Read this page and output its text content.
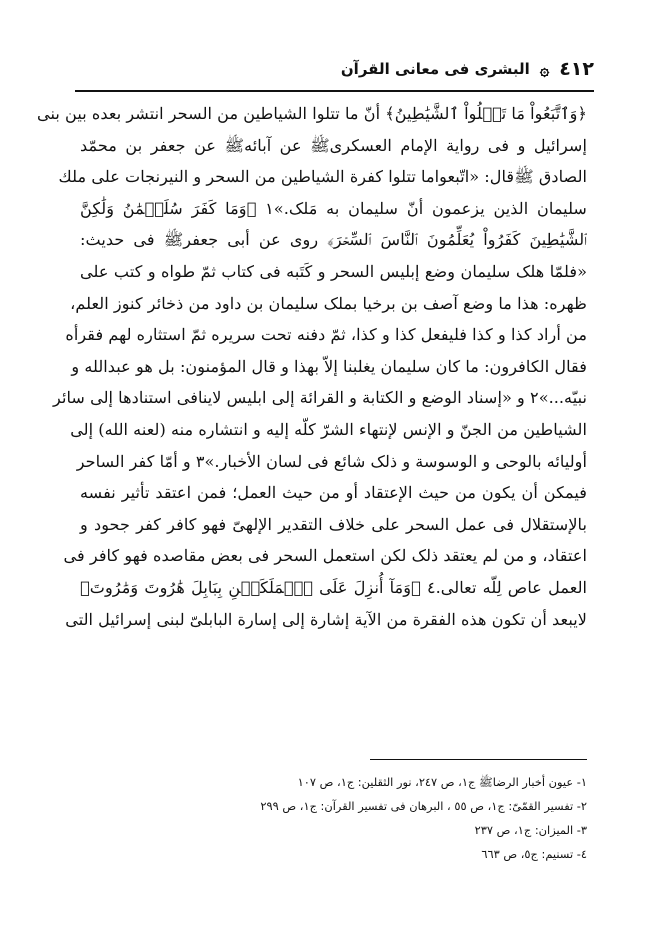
٤١٢
۞
البشری فی معانی القرآن
﴿وَٱتَّبَعُواْ مَا تَتۡلُواْ ٱلشَّيَٰطِينُ﴾ أنّ ما تتلوا الشياطين من السحر انتشر بعده بين بنی
إسرائيل و فی رواية الإمام العسكریﷺ عن آبائهﷺ عن جعفر بن محمّد
الصادق ﷺقال: «اتّبعواما تتلوا كفرة الشياطين من السحر و النيرنجات علی ملك
سليمان الذين يزعمون أنّ سليمان به مَلک.»١ ﴿وَمَا كَفَرَ سُلَيۡمَٰنُ وَلَٰكِنَّ
ٱلشَّيَٰطِينَ كَفَرُواْ يُعَلِّمُونَ ٱلنَّاسَ ٱلسِّحۡرَ﴾ روی عن أبی جعفرﷺ فی حديث:
«فلمّا هلک سليمان وضع إبليس السحر و كَتَبه فی كتاب ثمّ طواه و كتب علی
ظهره: هذا ما وضع آصف بن برخيا بملک سليمان بن داود من ذخائر كنوز العلم،
من أراد كذا و كذا فليفعل كذا و كذا، ثمّ دفنه تحت سريره ثمّ استثاره لهم فقرأه
فقال الكافرون: ما كان سليمان يغلبنا إلاّ بهذا و قال المؤمنون: بل هو عبدالله و
نبيّه...»٢ و «إسناد الوضع و الكتابة و القرائة إلی ابليس لاينافی استنادها إلی سائر
الشياطين من الجنّ و الإنس لإنتهاء الشرّ كلّه إليه و انتشاره منه (لعنه الله) إلی
أوليائه بالوحی و الوسوسة و ذلک شائع فی لسان الأخبار.»٣ و أمّا كفر الساحر
فيمكن أن يكون من حيث الإعتقاد أو من حيث العمل؛ فمن اعتقد تأثير نفسه
بالإستقلال فی عمل السحر علی خلاف التقدير الإلهیّ فهو كافر كفر جحود و
اعتقاد، و من لم يعتقد ذلک لكن استعمل السحر فی بعض مقاصده فهو كافر فی
العمل عاص لِلّه تعالی.٤ ﴿وَمَآ أُنزِلَ عَلَى ٱلۡمَلَكَيۡنِ بِبَابِلَ هَٰرُوتَ وَمَٰرُوتَ﴾
لايبعد أن تكون هذه الفقرة من الآية إشارة إلی إسارة البابلیّ لبنی إسرائيل التی
١- عيون أخبار الرضاﷺ ج١، ص ٢٤٧، نور الثقلين: ج١، ص ١٠٧
٢- تفسير القمّیّ: ج١، ص ٥٥ ، البرهان فی تفسير القرآن: ج١، ص ٢٩٩
٣- الميزان: ج١، ص ٢٣٧
٤- تسنيم: ج٥، ص ٦٦٣
